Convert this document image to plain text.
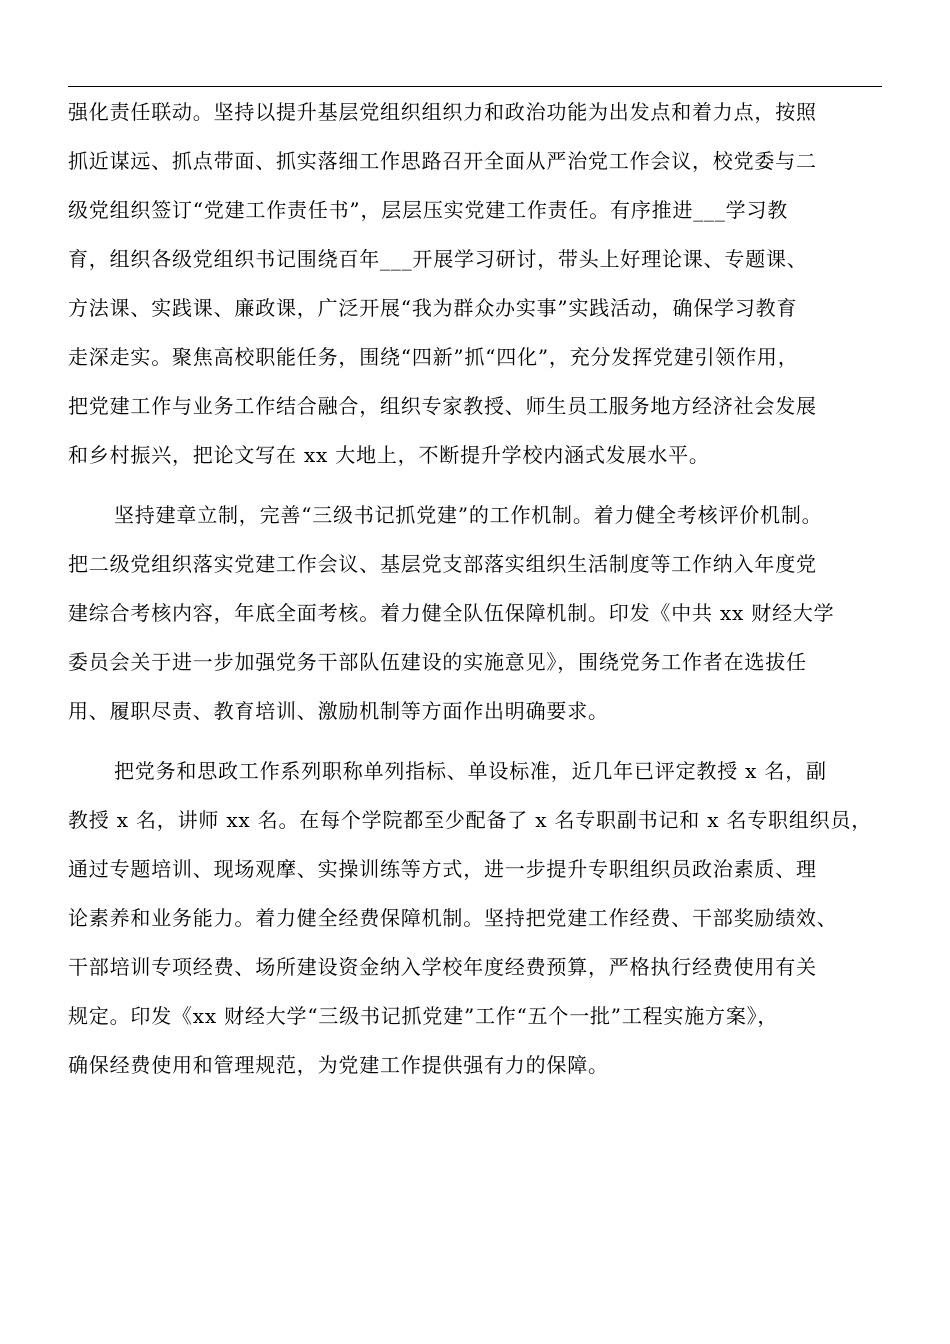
强化责任联动。坚持以提升基层党组织组织力和政治功能为出发点和着力点，按照
抓近谋远、抓点带面、抓实落细工作思路召开全面从严治党工作会议，校党委与二
级党组织签订“党建工作责任书”，层层压实党建工作责任。有序推进___学习教
育，组织各级党组织书记围绕百年___开展学习研讨，带头上好理论课、专题课、
方法课、实践课、廉政课，广泛开展“我为群众办实事”实践活动，确保学习教育
走深走实。聚焦高校职能任务，围绕“四新”抓“四化”，充分发挥党建引领作用，
把党建工作与业务工作结合融合，组织专家教授、师生员工服务地方经济社会发展
和乡村振兴，把论文写在 xx 大地上，不断提升学校内涵式发展水平。
坚持建章立制，完善“三级书记抓党建”的工作机制。着力健全考核评价机制。
把二级党组织落实党建工作会议、基层党支部落实组织生活制度等工作纳入年度党
建综合考核内容，年底全面考核。着力健全队伍保障机制。印发《中共 xx 财经大学
委员会关于进一步加强党务干部队伍建设的实施意见》，围绕党务工作者在选拔任
用、履职尽责、教育培训、激励机制等方面作出明确要求。
把党务和思政工作系列职称单列指标、单设标准，近几年已评定教授 x 名，副
教授 x 名，讲师 xx 名。在每个学院都至少配备了 x 名专职副书记和 x 名专职组织员，
通过专题培训、现场观摩、实操训练等方式，进一步提升专职组织员政治素质、理
论素养和业务能力。着力健全经费保障机制。坚持把党建工作经费、干部奖励绩效、
干部培训专项经费、场所建设资金纳入学校年度经费预算，严格执行经费使用有关
规定。印发《xx 财经大学“三级书记抓党建”工作“五个一批”工程实施方案》，
确保经费使用和管理规范，为党建工作提供强有力的保障。
